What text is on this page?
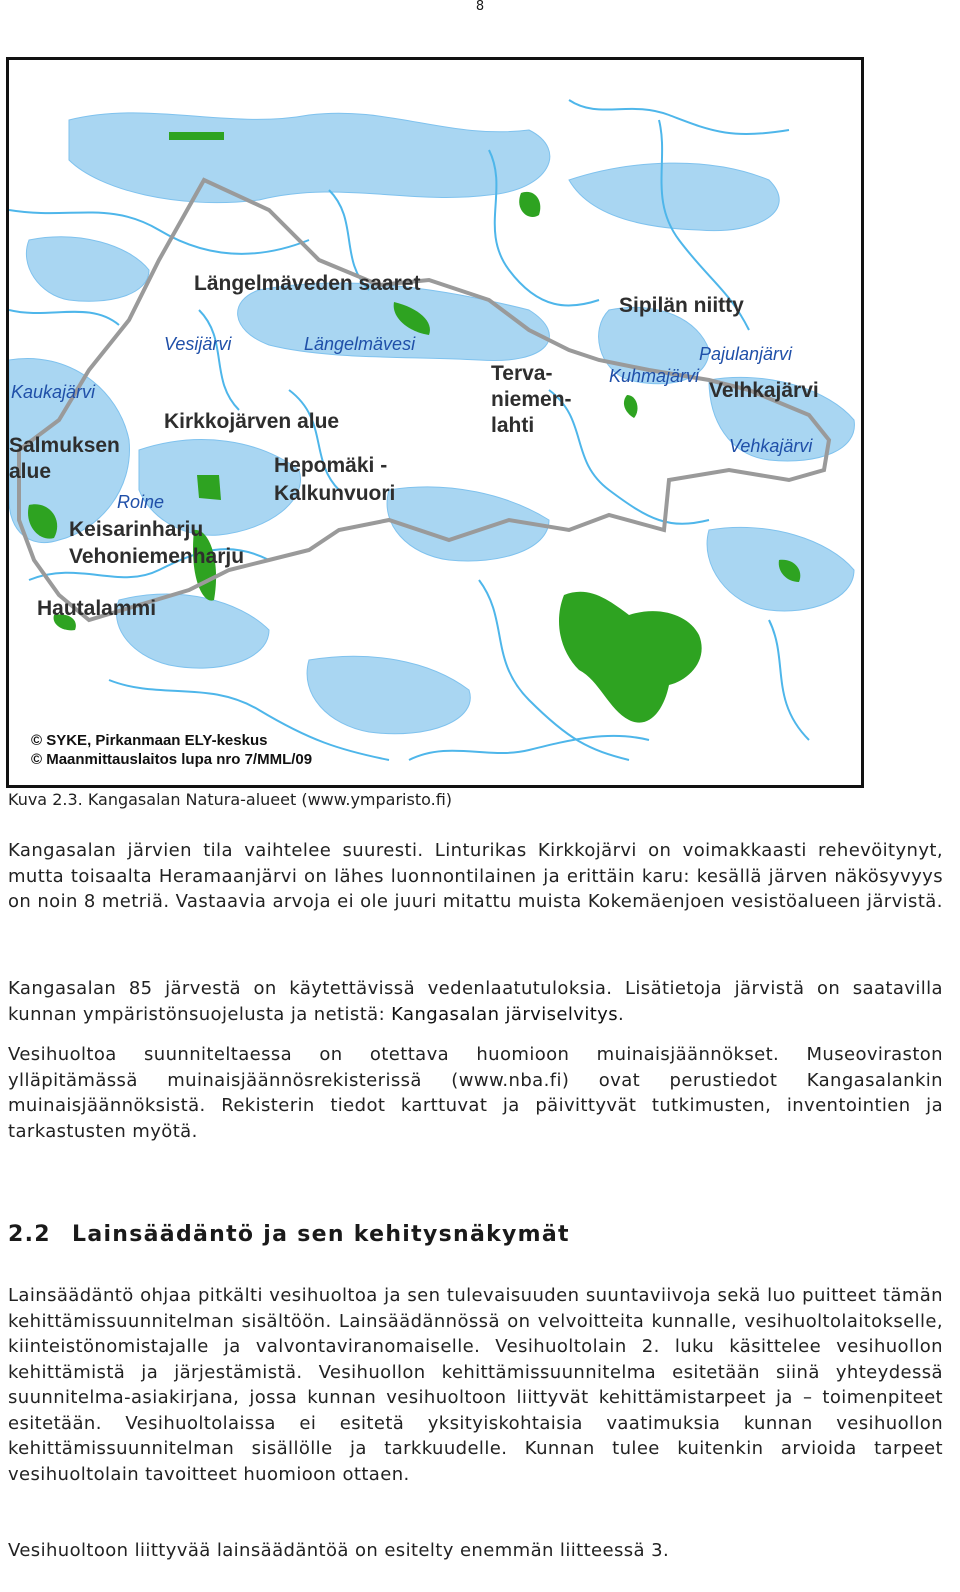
8
Längelmäveden saaret
Sipilän niitty
Vesijärvi	Längelmävesi
Terva-
niemen-
lahti
Pajulanjärvi
Kuhmajärvi
Velhkajärvi
Kaukajärvi
Kirkkojärven alue
Vehkajärvi
Salmuksen
alue	Hepomäki -
Kalkunvuori
Roine
Keisarinharju
Vehoniemenharju
Hautalammi
© SYKE, Pirkanmaan ELY-keskus
© Maanmittauslaitos lupa nro 7/MML/09
Kuva 2.3. Kangasalan Natura-alueet (www.ymparisto.fi)

Kangasalan järvien tila vaihtelee suuresti. Linturikas Kirkkojärvi on voimakkaasti rehevöitynyt, mutta toisaalta Heramaanjärvi on lähes luonnontilainen ja erittäin karu: kesällä järven näkösyvyys on noin 8 metriä. Vastaavia arvoja ei ole juuri mitattu muista Kokemäenjoen vesistöalueen järvistä.

Kangasalan 85 järvestä on käytettävissä vedenlaatutuloksia. Lisätietoja järvistä on saatavilla kunnan ympäristönsuojelusta ja netistä: Kangasalan järviselvitys.

Vesihuoltoa suunniteltaessa on otettava huomioon muinaisjäännökset. Museoviraston ylläpitämässä muinaisjäännösrekisterissä (www.nba.fi) ovat perustiedot Kangasalankin muinaisjäännöksistä. Rekisterin tiedot karttuvat ja päivittyvät tutkimusten, inventointien ja tarkastusten myötä.

2.2 Lainsäädäntö ja sen kehitysnäkymät

Lainsäädäntö ohjaa pitkälti vesihuoltoa ja sen tulevaisuuden suuntaviivoja sekä luo puitteet tämän kehittämissuunnitelman sisältöön. Lainsäädännössä on velvoitteita kunnalle, vesihuoltolaitokselle, kiinteistönomistajalle ja valvontaviranomaiselle. Vesihuoltolain 2. luku käsittelee vesihuollon kehittämistä ja järjestämistä. Vesihuollon kehittämissuunnitelma esitetään siinä yhteydessä suunnitelma-asiakirjana, jossa kunnan vesihuoltoon liittyvät kehittämistarpeet ja – toimenpiteet esitetään. Vesihuoltolaissa ei esitetä yksityiskohtaisia vaatimuksia kunnan vesihuollon kehittämissuunnitelman sisällölle ja tarkkuudelle. Kunnan tulee kuitenkin arvioida tarpeet vesihuoltolain tavoitteet huomioon ottaen.

Vesihuoltoon liittyvää lainsäädäntöä on esitelty enemmän liitteessä 3.
